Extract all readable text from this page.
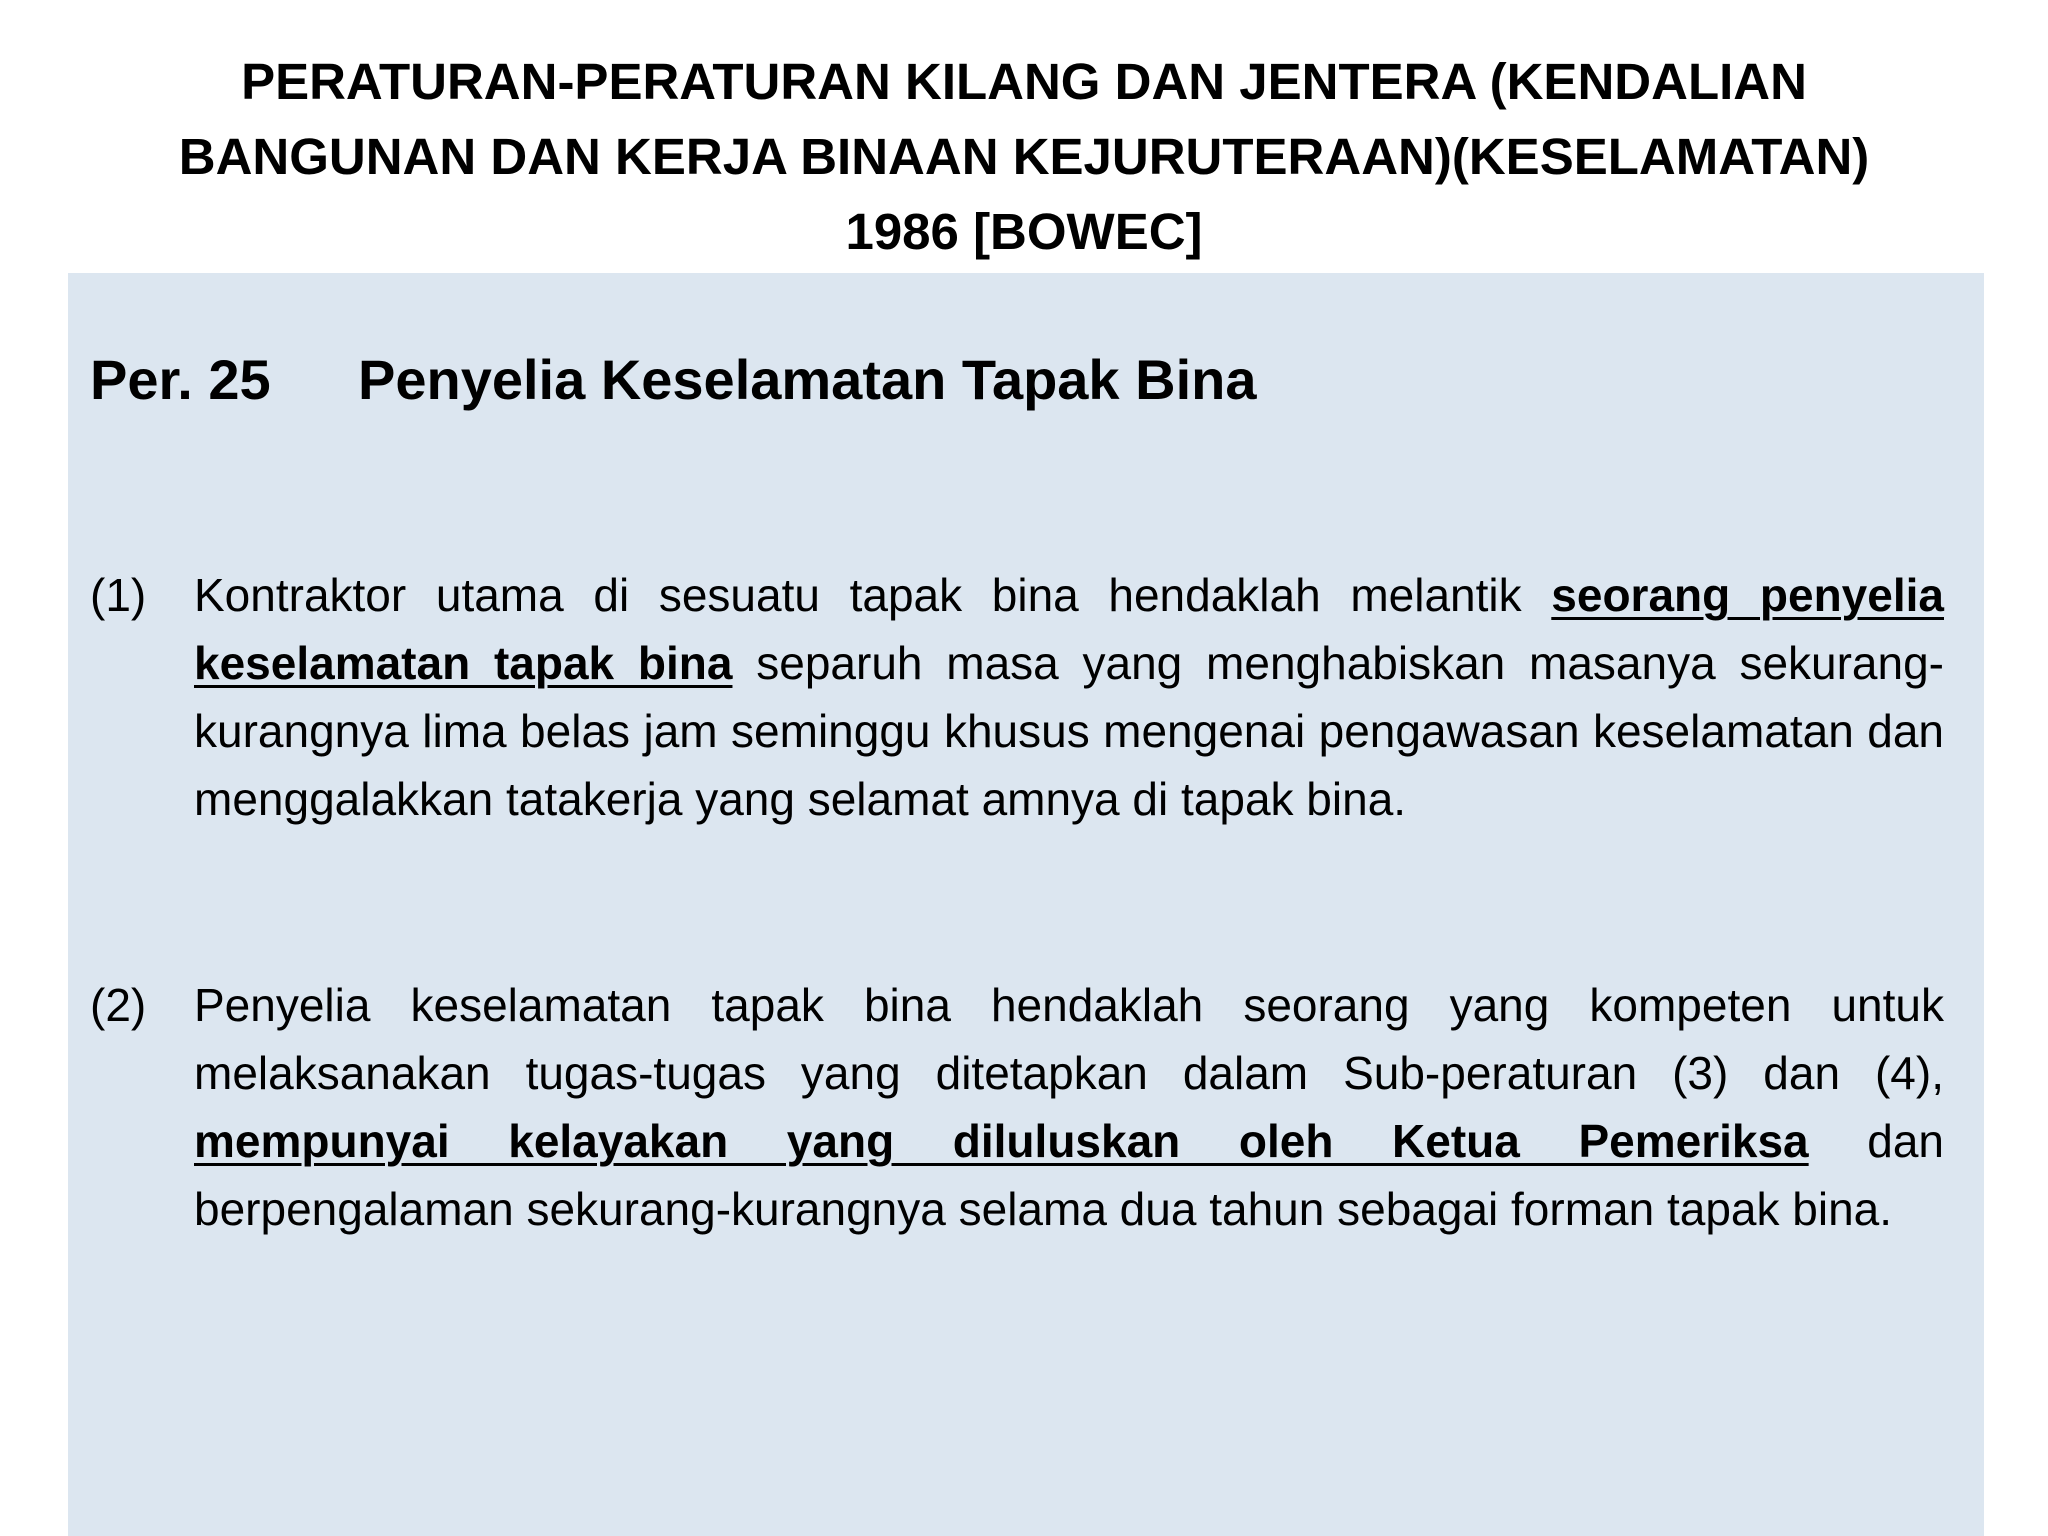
PERATURAN-PERATURAN KILANG DAN JENTERA (KENDALIAN
BANGUNAN DAN KERJA BINAAN KEJURUTERAAN)(KESELAMATAN)
1986 [BOWEC]
Per. 25 Penyelia Keselamatan Tapak Bina
(1)	Kontraktor utama di sesuatu tapak bina hendaklah melantik seorang penyelia keselamatan tapak bina separuh masa yang menghabiskan masanya sekurang-kurangnya lima belas jam seminggu khusus mengenai pengawasan keselamatan dan menggalakkan tatakerja yang selamat amnya di tapak bina.
(2)	Penyelia keselamatan tapak bina hendaklah seorang yang kompeten untuk melaksanakan tugas-tugas yang ditetapkan dalam Sub-peraturan (3) dan (4), mempunyai kelayakan yang diluluskan oleh Ketua Pemeriksa dan berpengalaman sekurang-kurangnya selama dua tahun sebagai forman tapak bina.
